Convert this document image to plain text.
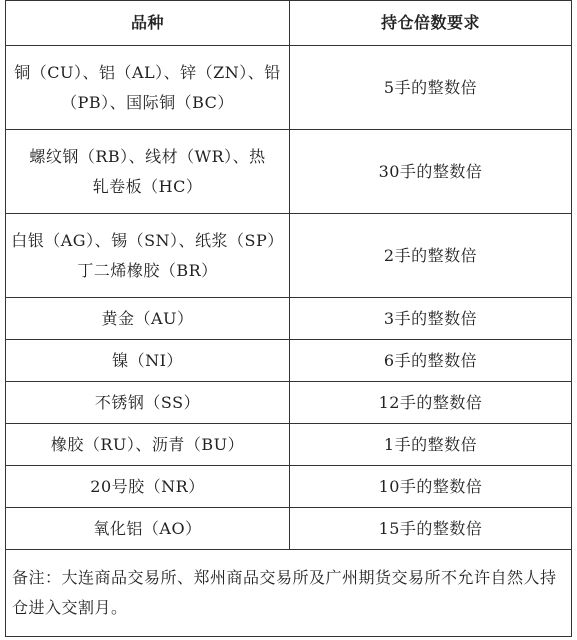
品种	持仓倍数要求
铜（CU）、铝（AL）、锌（ZN）、铅（PB）、国际铜（BC）	5手的整数倍
螺纹钢（RB）、线材（WR）、热轧卷板（HC）	30手的整数倍
白银（AG）、锡（SN）、纸浆（SP）丁二烯橡胶（BR）	2手的整数倍
黄金（AU）	3手的整数倍
镍（NI）	6手的整数倍
不锈钢（SS）	12手的整数倍
橡胶（RU）、沥青（BU）	1手的整数倍
20号胶（NR）	10手的整数倍
氧化铝（AO）	15手的整数倍
备注：大连商品交易所、郑州商品交易所及广州期货交易所不允许自然人持仓进入交割月。	
